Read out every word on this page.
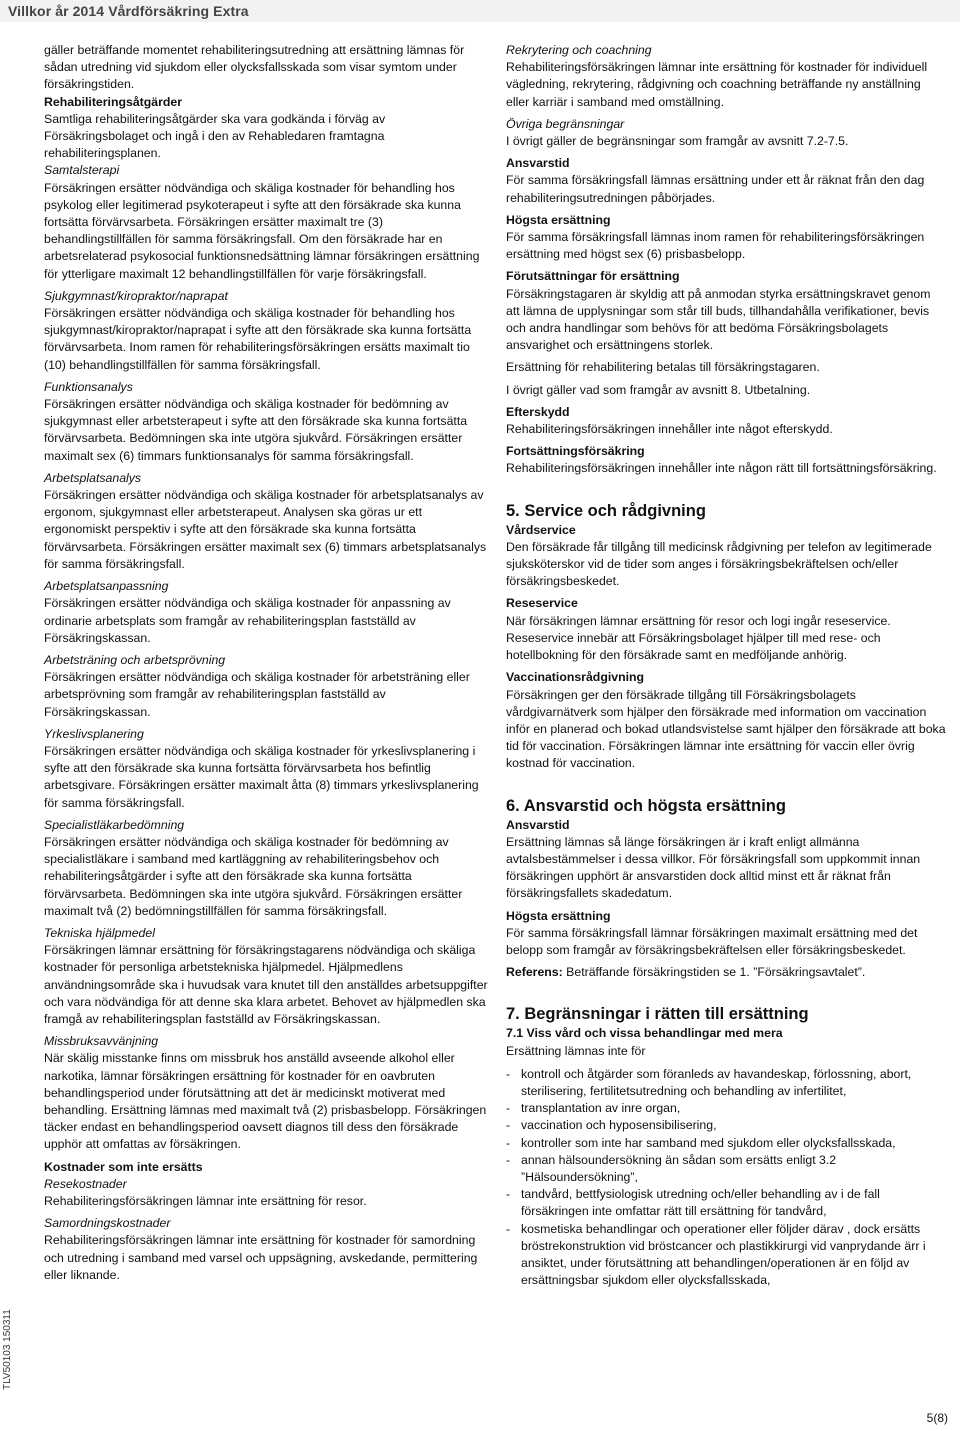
Villkor år 2014 Vårdförsäkring Extra
TLV50103 150311

gäller beträffande momentet rehabiliteringsutredning att ersättning lämnas för sådan utredning vid sjukdom eller olycksfallsskada som visar symtom under försäkringstiden.

Rehabiliteringsåtgärder

Samtliga rehabiliteringsåtgärder ska vara godkända i förväg av Försäkringsbolaget och ingå i den av Rehabledaren framtagna rehabiliteringsplanen.

Samtalsterapi

Försäkringen ersätter nödvändiga och skäliga kostnader för behandling hos psykolog eller legitimerad psykoterapeut i syfte att den försäkrade ska kunna fortsätta förvärvsarbeta. Försäkringen ersätter maximalt tre (3) behandlingstillfällen för samma försäkringsfall. Om den försäkrade har en arbetsrelaterad psykosocial funktionsnedsättning lämnar försäkringen ersättning för ytterligare maximalt 12 behandlingstillfällen för varje försäkringsfall.

Sjukgymnast/kiropraktor/naprapat

Försäkringen ersätter nödvändiga och skäliga kostnader för behandling hos sjukgymnast/kiropraktor/naprapat i syfte att den försäkrade ska kunna fortsätta förvärvsarbeta. Inom ramen för rehabiliteringsförsäkringen ersätts maximalt tio (10) behandlingstillfällen för samma försäkringsfall.

Funktionsanalys

Försäkringen ersätter nödvändiga och skäliga kostnader för bedömning av sjukgymnast eller arbetsterapeut i syfte att den försäkrade ska kunna fortsätta förvärvsarbeta. Bedömningen ska inte utgöra sjukvård. Försäkringen ersätter maximalt sex (6) timmars funktionsanalys för samma försäkringsfall.

Arbetsplatsanalys

Försäkringen ersätter nödvändiga och skäliga kostnader för arbetsplatsanalys av ergonom, sjukgymnast eller arbetsterapeut. Analysen ska göras ur ett ergonomiskt perspektiv i syfte att den försäkrade ska kunna fortsätta förvärvsarbeta. Försäkringen ersätter maximalt sex (6) timmars arbetsplatsanalys för samma försäkringsfall.

Arbetsplatsanpassning

Försäkringen ersätter nödvändiga och skäliga kostnader för anpassning av ordinarie arbetsplats som framgår av rehabiliteringsplan fastställd av Försäkringskassan.

Arbetsträning och arbetsprövning

Försäkringen ersätter nödvändiga och skäliga kostnader för arbetsträning eller arbetsprövning som framgår av rehabiliteringsplan fastställd av Försäkringskassan.

Yrkeslivsplanering

Försäkringen ersätter nödvändiga och skäliga kostnader för yrkeslivsplanering i syfte att den försäkrade ska kunna fortsätta förvärvsarbeta hos befintlig arbetsgivare. Försäkringen ersätter maximalt åtta (8) timmars yrkeslivsplanering för samma försäkringsfall.

Specialistläkarbedömning

Försäkringen ersätter nödvändiga och skäliga kostnader för bedömning av specialistläkare i samband med kartläggning av rehabiliteringsbehov och rehabiliteringsåtgärder i syfte att den försäkrade ska kunna fortsätta förvärvsarbeta. Bedömningen ska inte utgöra sjukvård. Försäkringen ersätter maximalt två (2) bedömningstillfällen för samma försäkringsfall.

Tekniska hjälpmedel

Försäkringen lämnar ersättning för försäkringstagarens nödvändiga och skäliga kostnader för personliga arbetstekniska hjälpmedel. Hjälpmedlens användningsområde ska i huvudsak vara knutet till den anställdes arbetsuppgifter och vara nödvändiga för att denne ska klara arbetet. Behovet av hjälpmedlen ska framgå av rehabiliteringsplan fastställd av Försäkringskassan.

Missbruksavvänjning

När skälig misstanke finns om missbruk hos anställd avseende alkohol eller narkotika, lämnar försäkringen ersättning för kostnader för en oavbruten behandlingsperiod under förutsättning att det är medicinskt motiverat med behandling. Ersättning lämnas med maximalt två (2) prisbasbelopp. Försäkringen täcker endast en behandlingsperiod oavsett diagnos till dess den försäkrade upphör att omfattas av försäkringen.

Kostnader som inte ersätts

Resekostnader

Rehabiliteringsförsäkringen lämnar inte ersättning för resor.

Samordningskostnader

Rehabiliteringsförsäkringen lämnar inte ersättning för kostnader för samordning och utredning i samband med varsel och uppsägning, avskedande, permittering eller liknande.

Rekrytering och coachning

Rehabiliteringsförsäkringen lämnar inte ersättning för kostnader för individuell vägledning, rekrytering, rådgivning och coachning beträffande ny anställning eller karriär i samband med omställning.

Övriga begränsningar

I övrigt gäller de begränsningar som framgår av avsnitt 7.2-7.5.

Ansvarstid

För samma försäkringsfall lämnas ersättning under ett år räknat från den dag rehabiliteringsutredningen påbörjades.

Högsta ersättning

För samma försäkringsfall lämnas inom ramen för rehabiliteringsförsäkringen ersättning med högst sex (6) prisbasbelopp.

Förutsättningar för ersättning

Försäkringstagaren är skyldig att på anmodan styrka ersättningskravet genom att lämna de upplysningar som står till buds, tillhandahålla verifikationer, bevis och andra handlingar som behövs för att bedöma Försäkringsbolagets ansvarighet och ersättningens storlek.

Ersättning för rehabilitering betalas till försäkringstagaren.

I övrigt gäller vad som framgår av avsnitt 8. Utbetalning.

Efterskydd

Rehabiliteringsförsäkringen innehåller inte något efterskydd.

Fortsättningsförsäkring

Rehabiliteringsförsäkringen innehåller inte någon rätt till fortsättningsförsäkring.

5. Service och rådgivning

Vårdservice

Den försäkrade får tillgång till medicinsk rådgivning per telefon av legitimerade sjuksköterskor vid de tider som anges i försäkringsbekräftelsen och/eller försäkringsbeskedet.

Reseservice

När försäkringen lämnar ersättning för resor och logi ingår reseservice. Reseservice innebär att Försäkringsbolaget hjälper till med rese- och hotellbokning för den försäkrade samt en medföljande anhörig.

Vaccinationsrådgivning

Försäkringen ger den försäkrade tillgång till Försäkringsbolagets vårdgivarnätverk som hjälper den försäkrade med information om vaccination inför en planerad och bokad utlandsvistelse samt hjälper den försäkrade att boka tid för vaccination. Försäkringen lämnar inte ersättning för vaccin eller övrig kostnad för vaccination.

6. Ansvarstid och högsta ersättning

Ansvarstid

Ersättning lämnas så länge försäkringen är i kraft enligt allmänna avtalsbestämmelser i dessa villkor. För försäkringsfall som uppkommit innan försäkringen upphört är ansvarstiden dock alltid minst ett år räknat från försäkringsfallets skadedatum.

Högsta ersättning

För samma försäkringsfall lämnar försäkringen maximalt ersättning med det belopp som framgår av försäkringsbekräftelsen eller försäkringsbeskedet.

Referens: Beträffande försäkringstiden se 1. ”Försäkringsavtalet”.

7. Begränsningar i rätten till ersättning

7.1 Viss vård och vissa behandlingar med mera

Ersättning lämnas inte för

- kontroll och åtgärder som föranleds av havandeskap, förlossning, abort, sterilisering, fertilitetsutredning och behandling av infertilitet,
- transplantation av inre organ,
- vaccination och hyposensibilisering,
- kontroller som inte har samband med sjukdom eller olycksfallsskada,
- annan hälsoundersökning än sådan som ersätts enligt 3.2 ”Hälsoundersökning”,
- tandvård, bettfysiologisk utredning och/eller behandling av i de fall försäkringen inte omfattar rätt till ersättning för tandvård,
- kosmetiska behandlingar och operationer eller följder därav , dock ersätts bröstrekonstruktion vid bröstcancer och plastikkirurgi vid vanprydande ärr i ansiktet, under förutsättning att behandlingen/operationen är en följd av ersättningsbar sjukdom eller olycksfallsskada,
5(8)
